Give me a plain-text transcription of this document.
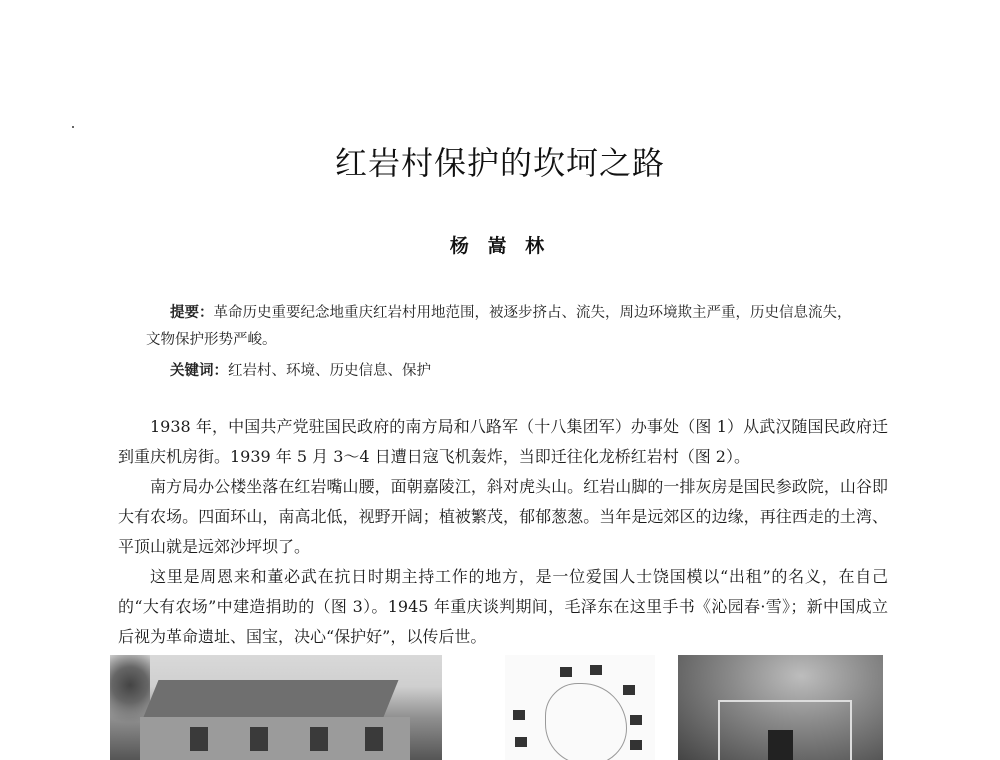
红岩村保护的坎坷之路
杨 嵩 林
提要：革命历史重要纪念地重庆红岩村用地范围，被逐步挤占、流失，周边环境欺主严重，历史信息流失，文物保护形势严峻。
关键词：红岩村、环境、历史信息、保护

1938 年，中国共产党驻国民政府的南方局和八路军（十八集团军）办事处（图 1）从武汉随国民政府迁到重庆机房街。1939 年 5 月 3～4 日遭日寇飞机轰炸，当即迁往化龙桥红岩村（图 2）。

南方局办公楼坐落在红岩嘴山腰，面朝嘉陵江，斜对虎头山。红岩山脚的一排灰房是国民参政院，山谷即大有农场。四面环山，南高北低，视野开阔；植被繁茂，郁郁葱葱。当年是远郊区的边缘，再往西走的土湾、平顶山就是远郊沙坪坝了。

这里是周恩来和董必武在抗日时期主持工作的地方，是一位爱国人士饶国模以“出租”的名义，在自己的“大有农场”中建造捐助的（图 3）。1945 年重庆谈判期间，毛泽东在这里手书《沁园春·雪》；新中国成立后视为革命遗址、国宝，决心“保护好”，以传后世。
